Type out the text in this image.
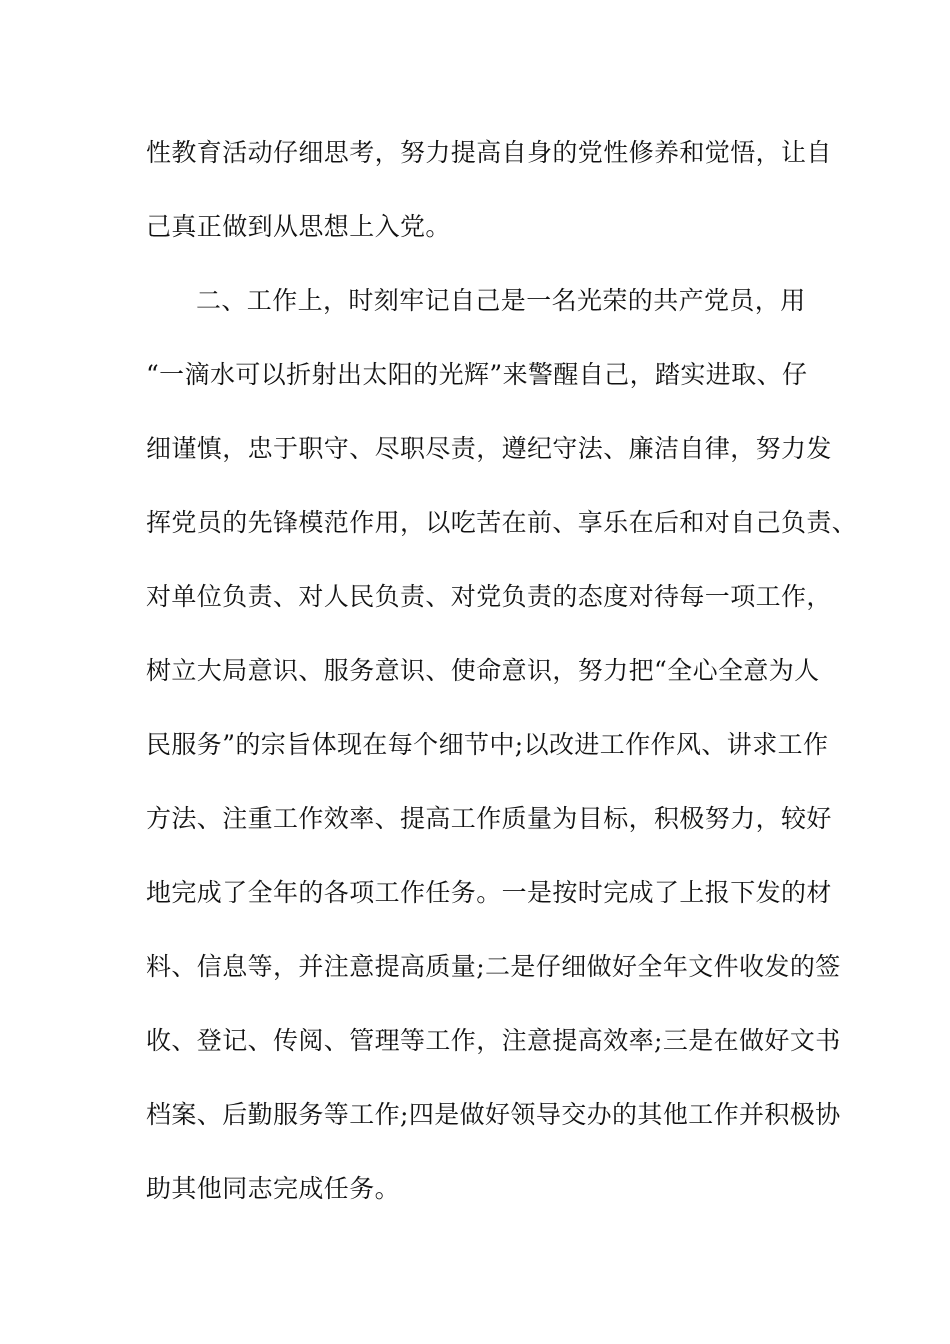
性教育活动仔细思考，努力提高自身的党性修养和觉悟，让自
己真正做到从思想上入党。
二、工作上，时刻牢记自己是一名光荣的共产党员，用
“一滴水可以折射出太阳的光辉”来警醒自己，踏实进取、仔
细谨慎，忠于职守、尽职尽责，遵纪守法、廉洁自律，努力发
挥党员的先锋模范作用，以吃苦在前、享乐在后和对自己负责、
对单位负责、对人民负责、对党负责的态度对待每一项工作，
树立大局意识、服务意识、使命意识，努力把“全心全意为人
民服务”的宗旨体现在每个细节中;以改进工作作风、讲求工作
方法、注重工作效率、提高工作质量为目标，积极努力，较好
地完成了全年的各项工作任务。一是按时完成了上报下发的材
料、信息等，并注意提高质量;二是仔细做好全年文件收发的签
收、登记、传阅、管理等工作，注意提高效率;三是在做好文书
档案、后勤服务等工作;四是做好领导交办的其他工作并积极协
助其他同志完成任务。
